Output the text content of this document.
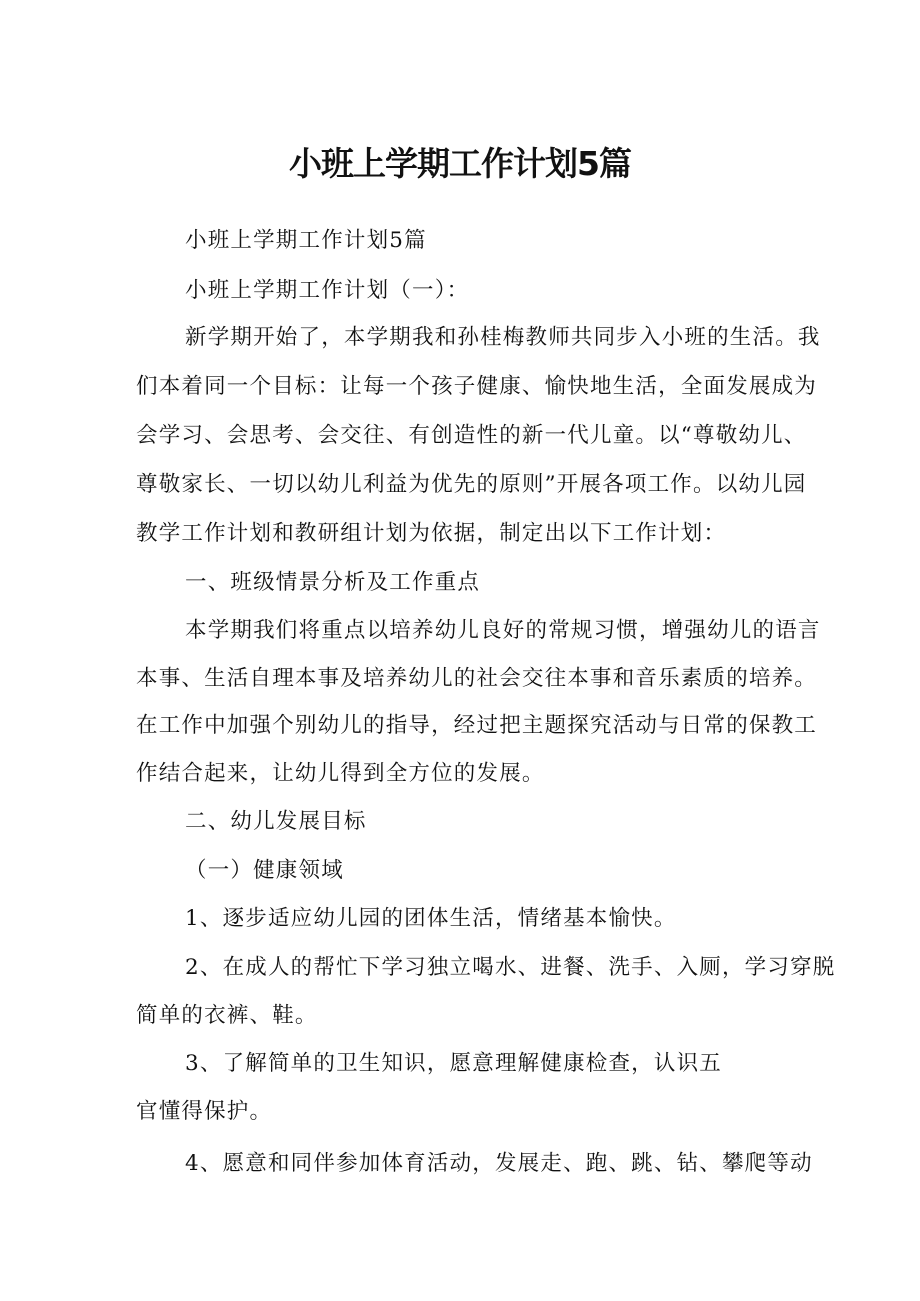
小班上学期工作计划5篇
小班上学期工作计划5篇
小班上学期工作计划（一）：
新学期开始了，本学期我和孙桂梅教师共同步入小班的生活。我
们本着同一个目标：让每一个孩子健康、愉快地生活，全面发展成为
会学习、会思考、会交往、有创造性的新一代儿童。以“尊敬幼儿、
尊敬家长、一切以幼儿利益为优先的原则”开展各项工作。以幼儿园
教学工作计划和教研组计划为依据，制定出以下工作计划：
一、班级情景分析及工作重点
本学期我们将重点以培养幼儿良好的常规习惯，增强幼儿的语言
本事、生活自理本事及培养幼儿的社会交往本事和音乐素质的培养。
在工作中加强个别幼儿的指导，经过把主题探究活动与日常的保教工
作结合起来，让幼儿得到全方位的发展。
二、幼儿发展目标
（一）健康领域
1、逐步适应幼儿园的团体生活，情绪基本愉快。
2、在成人的帮忙下学习独立喝水、进餐、洗手、入厕，学习穿脱
简单的衣裤、鞋。
3、了解简单的卫生知识，愿意理解健康检查，认识五
官懂得保护。
4、愿意和同伴参加体育活动，发展走、跑、跳、钻、攀爬等动
